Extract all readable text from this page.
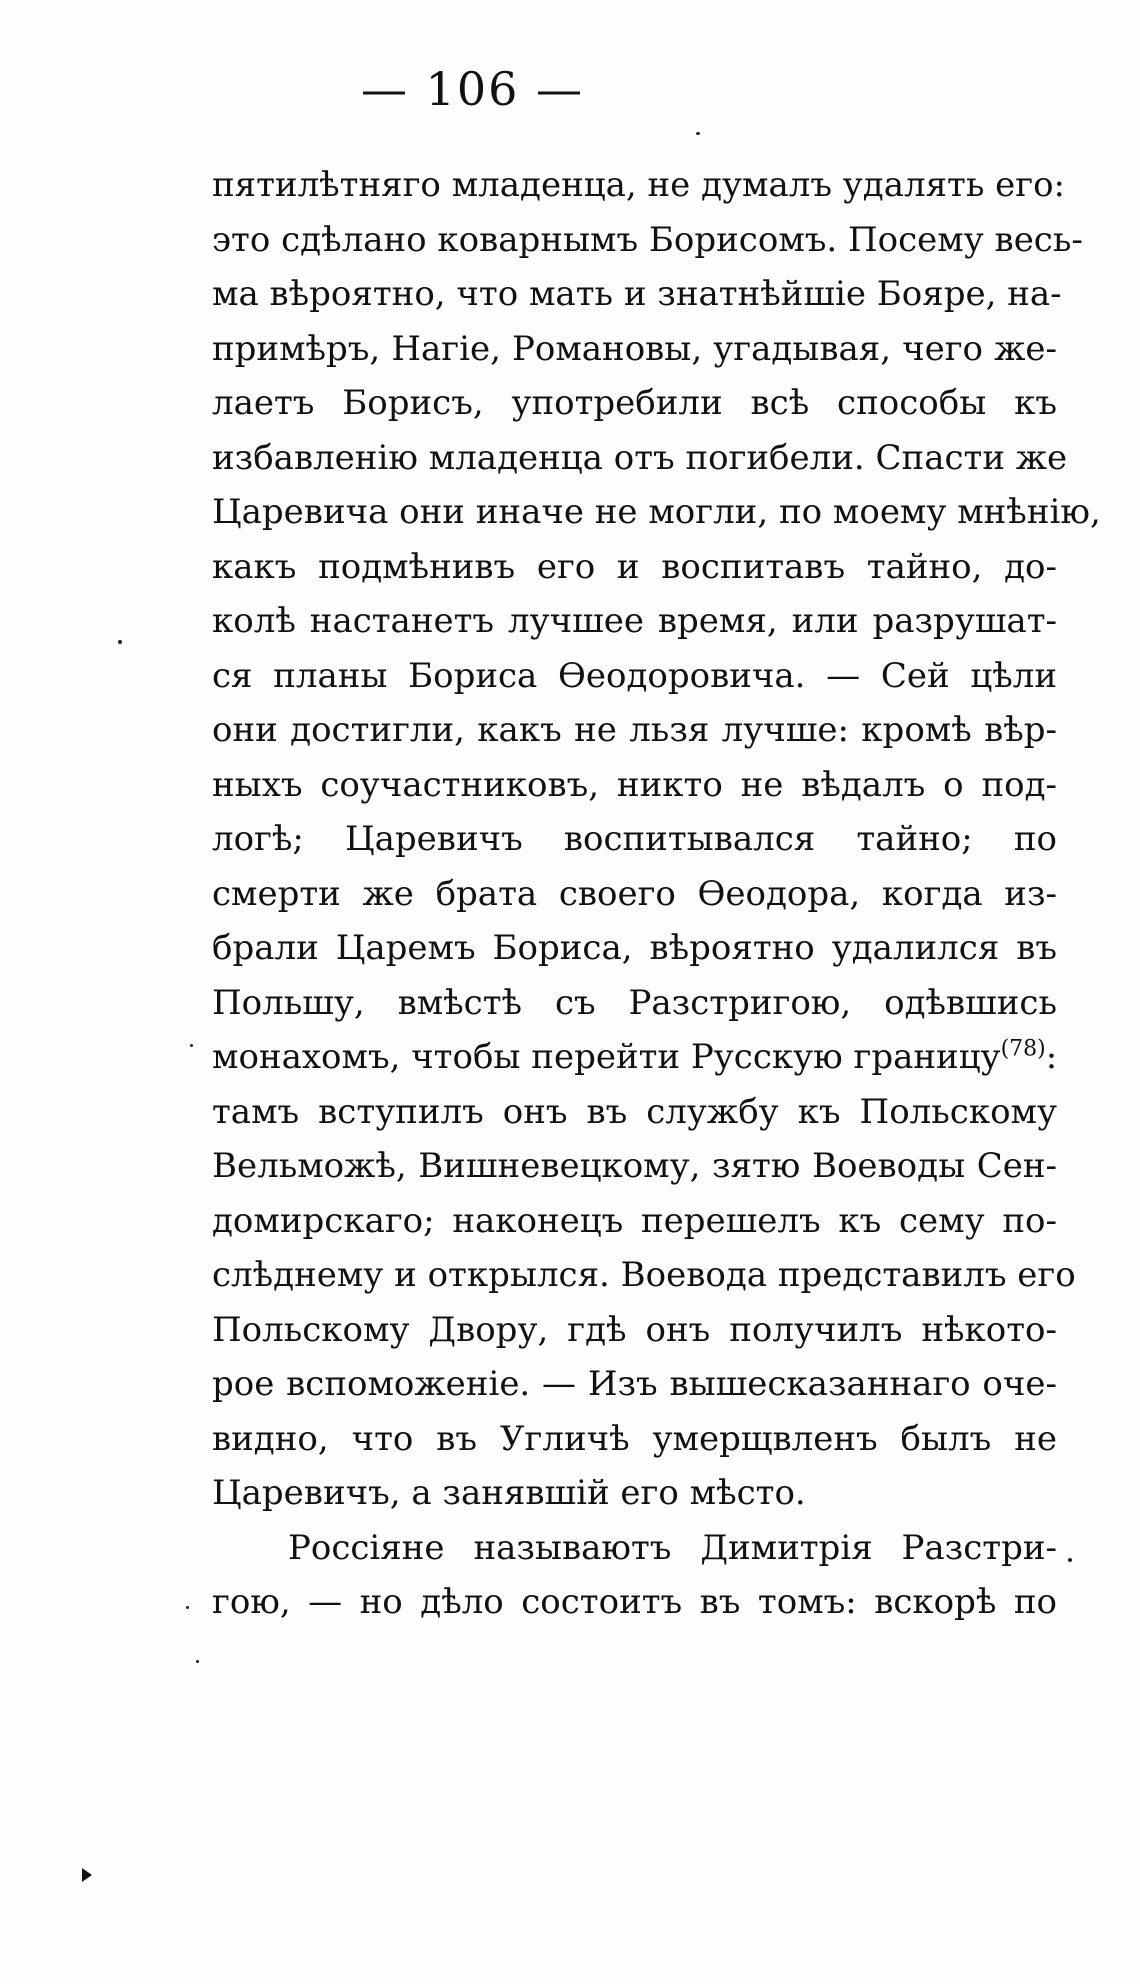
— 106 —
пятилѣтняго младенца, не думалъ удалять его:
это сдѣлано коварнымъ Борисомъ. Посему весь-
ма вѣроятно, что мать и знатнѣйшіе Бояре, на-
примѣръ, Нагіе, Романовы, угадывая, чего же-
лаетъ Борисъ, употребили всѣ способы къ
избавленію младенца отъ погибели. Спасти же
Царевича они иначе не могли, по моему мнѣнію,
какъ подмѣнивъ его и воспитавъ тайно, до-
колѣ настанетъ лучшее время, или разрушат-
ся планы Бориса Ѳеодоровича. — Сей цѣли
они достигли, какъ не льзя лучше: кромѣ вѣр-
ныхъ соучастниковъ, никто не вѣдалъ о под-
логѣ; Царевичъ воспитывался тайно; по
смерти же брата своего Ѳеодора, когда из-
брали Царемъ Бориса, вѣроятно удалился въ
Польшу, вмѣстѣ съ Разстригою, одѣвшись
монахомъ, чтобы перейти Русскую границу$^{(78)}$:
тамъ вступилъ онъ въ службу къ Польскому
Вельможѣ, Вишневецкому, зятю Воеводы Сен-
домирскаго; наконецъ перешелъ къ сему по-
слѣднему и открылся. Воевода представилъ его
Польскому Двору, гдѣ онъ получилъ нѣкото-
рое вспоможеніе. — Изъ вышесказаннаго оче-
видно, что въ Угличѣ умерщвленъ былъ не
Царевичъ, а занявшій его мѣсто.
Россіяне называютъ Димитрія Разстри-
гою, — но дѣло состоитъ въ томъ: вскорѣ по
